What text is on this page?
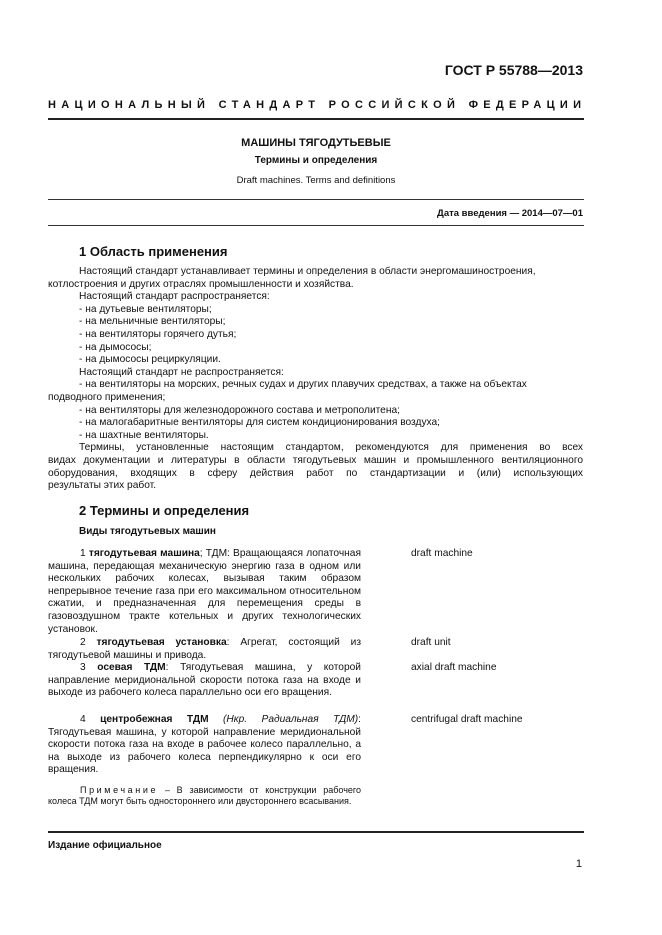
ГОСТ Р 55788—2013
НАЦИОНАЛЬНЫЙ СТАНДАРТ РОССИЙСКОЙ ФЕДЕРАЦИИ
МАШИНЫ ТЯГОДУТЬЕВЫЕ
Термины и определения
Draft machines. Terms and definitions
Дата введения — 2014—07—01
1 Область применения

Настоящий стандарт устанавливает термины и определения в области энергомашиностроения,

котлостроения и других отраслях промышленности и хозяйства.

Настоящий стандарт распространяется:

- на дутьевые вентиляторы;

- на мельничные вентиляторы;

- на вентиляторы горячего дутья;

- на дымососы;

- на дымососы рециркуляции.

Настоящий стандарт не распространяется:

- на вентиляторы на морских, речных судах и других плавучих средствах, а также на объектах

подводного применения;

- на вентиляторы для железнодорожного состава и метрополитена;

- на малогабаритные вентиляторы для систем кондиционирования воздуха;

- на шахтные вентиляторы.

Термины, установленные настоящим стандартом, рекомендуются для применения во всех

видах документации и литературы в области тягодутьевых машин и промышленного вентиляционного

оборудования, входящих в сферу действия работ по стандартизации и (или) использующих

результаты этих работ.

2 Термины и определения
Виды тягодутьевых машин
1 тягодутьевая машина; ТДМ: Вращающаяся лопаточная машина, передающая механическую энергию газа в одном или нескольких рабочих колесах, вызывая таким образом непрерывное течение газа при его максимальном относительном сжатии, и предназначенная для перемещения среды в газовоздушном тракте котельных и других технологических установок.
draft machine
2 тягодутьевая установка: Агрегат, состоящий из тягодутьевой машины и привода.
draft unit
3 осевая ТДМ: Тягодутьевая машина, у которой направление меридиональной скорости потока газа на входе и выходе из рабочего колеса параллельно оси его вращения.
axial draft machine
4 центробежная ТДМ (Нкр. Радиальная ТДМ): Тягодутьевая машина, у которой направление меридиональной скорости потока газа на входе в рабочее колесо параллельно, а на выходе из рабочего колеса перпендикулярно к оси его вращения.
centrifugal draft machine
Примечание – В зависимости от конструкции рабочего колеса ТДМ могут быть одностороннего или двустороннего всасывания.
Издание официальное
1
